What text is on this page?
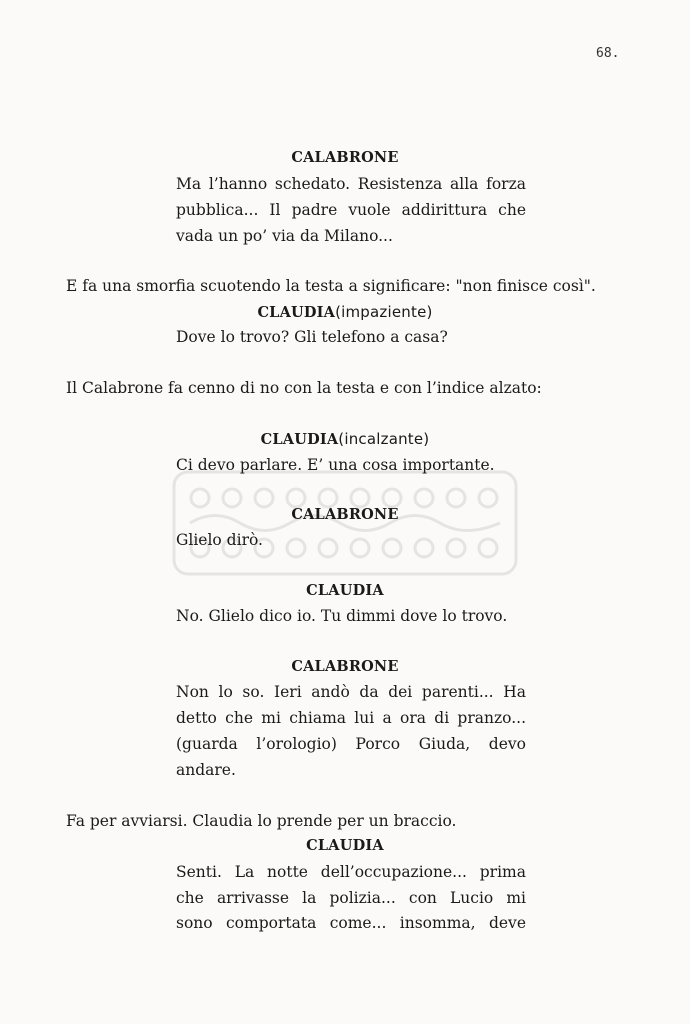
68.
CALABRONE
Ma l’hanno schedato. Resistenza alla forza
pubblica... Il padre vuole addirittura che
vada un po’ via da Milano...
E fa una smorfia scuotendo la testa a significare: "non finisce così".
CLAUDIA(impaziente)
Dove lo trovo? Gli telefono a casa?
Il Calabrone fa cenno di no con la testa e con l’indice alzato:
CLAUDIA(incalzante)
Ci devo parlare. E’ una cosa importante.
CALABRONE
Glielo dirò.
CLAUDIA
No. Glielo dico io. Tu dimmi dove lo trovo.
CALABRONE
Non lo so. Ieri andò da dei parenti... Ha
detto che mi chiama lui a ora di pranzo...
(guarda l’orologio) Porco Giuda, devo
andare.
Fa per avviarsi. Claudia lo prende per un braccio.
CLAUDIA
Senti. La notte dell’occupazione... prima
che arrivasse la polizia... con Lucio mi
sono comportata come... insomma, deve
